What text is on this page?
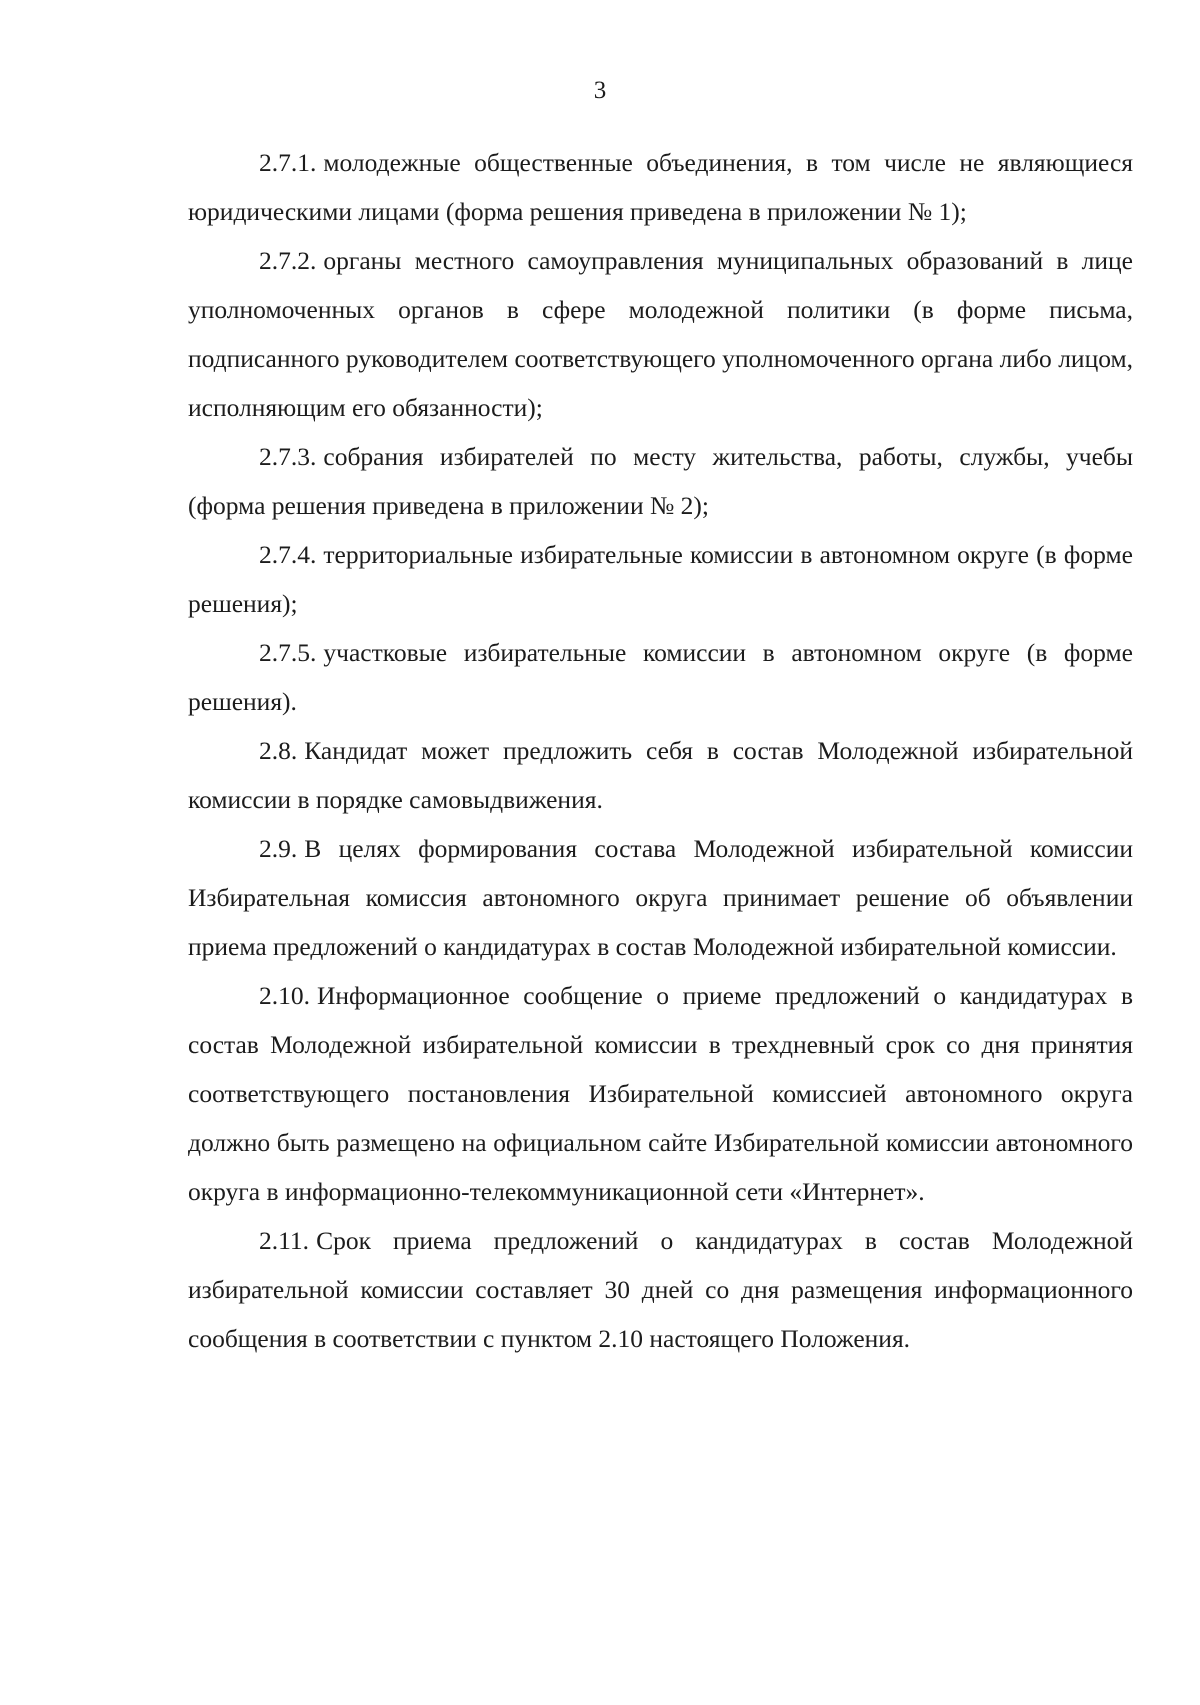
3

2.7.1. молодежные общественные объединения, в том числе не являющиеся юридическими лицами (форма решения приведена в приложении № 1);

2.7.2. органы местного самоуправления муниципальных образований в лице уполномоченных органов в сфере молодежной политики (в форме письма, подписанного руководителем соответствующего уполномоченного органа либо лицом, исполняющим его обязанности);

2.7.3. собрания избирателей по месту жительства, работы, службы, учебы (форма решения приведена в приложении № 2);

2.7.4. территориальные избирательные комиссии в автономном округе (в форме решения);

2.7.5. участковые избирательные комиссии в автономном округе (в форме решения).

2.8. Кандидат может предложить себя в состав Молодежной избирательной комиссии в порядке самовыдвижения.

2.9. В целях формирования состава Молодежной избирательной комиссии Избирательная комиссия автономного округа принимает решение об объявлении приема предложений о кандидатурах в состав Молодежной избирательной комиссии.

2.10. Информационное сообщение о приеме предложений о кандидатурах в состав Молодежной избирательной комиссии в трехдневный срок со дня принятия соответствующего постановления Избирательной комиссией автономного округа должно быть размещено на официальном сайте Избирательной комиссии автономного округа в информационно-телекоммуникационной сети «Интернет».

2.11. Срок приема предложений о кандидатурах в состав Молодежной избирательной комиссии составляет 30 дней со дня размещения информационного сообщения в соответствии с пунктом 2.10 настоящего Положения.
